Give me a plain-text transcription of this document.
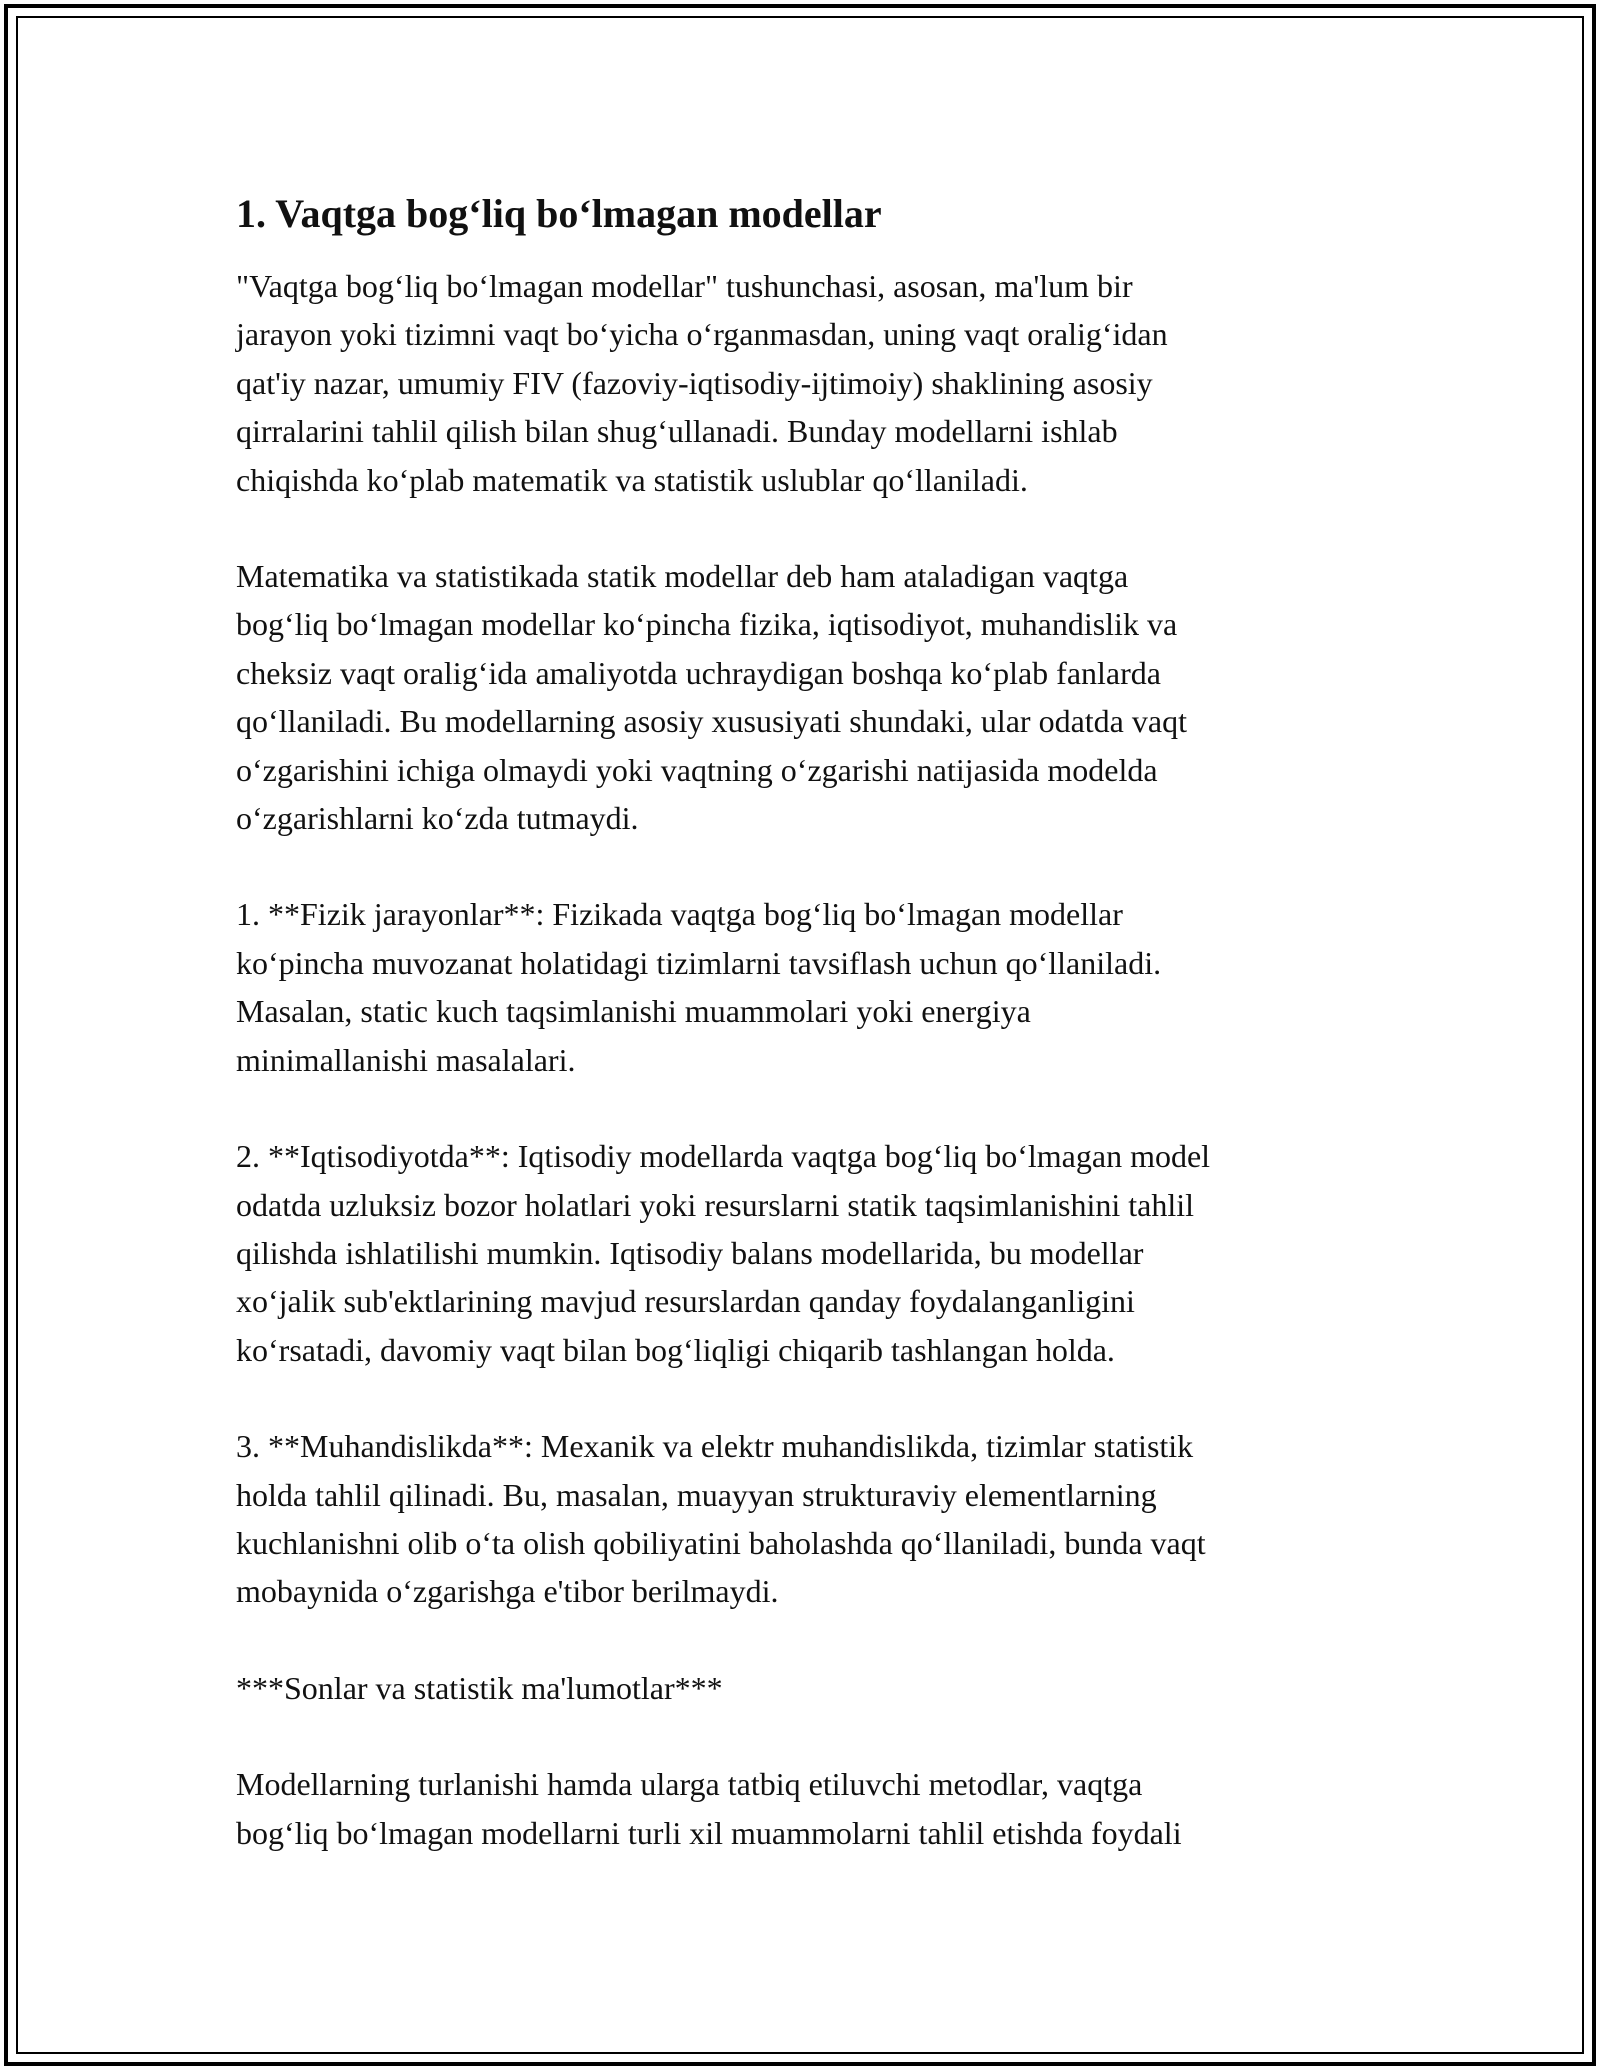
1. Vaqtga bog‘liq bo‘lmagan modellar

"Vaqtga bog‘liq bo‘lmagan modellar" tushunchasi, asosan, ma'lum bir
jarayon yoki tizimni vaqt bo‘yicha o‘rganmasdan, uning vaqt oralig‘idan
qat'iy nazar, umumiy FIV (fazoviy-iqtisodiy-ijtimoiy) shaklining asosiy
qirralarini tahlil qilish bilan shug‘ullanadi. Bunday modellarni ishlab
chiqishda ko‘plab matematik va statistik uslublar qo‘llaniladi.

Matematika va statistikada statik modellar deb ham ataladigan vaqtga
bog‘liq bo‘lmagan modellar ko‘pincha fizika, iqtisodiyot, muhandislik va
cheksiz vaqt oralig‘ida amaliyotda uchraydigan boshqa ko‘plab fanlarda
qo‘llaniladi. Bu modellarning asosiy xususiyati shundaki, ular odatda vaqt
o‘zgarishini ichiga olmaydi yoki vaqtning o‘zgarishi natijasida modelda
o‘zgarishlarni ko‘zda tutmaydi.

1. **Fizik jarayonlar**: Fizikada vaqtga bog‘liq bo‘lmagan modellar
ko‘pincha muvozanat holatidagi tizimlarni tavsiflash uchun qo‘llaniladi.
Masalan, static kuch taqsimlanishi muammolari yoki energiya
minimallanishi masalalari.

2. **Iqtisodiyotda**: Iqtisodiy modellarda vaqtga bog‘liq bo‘lmagan model
odatda uzluksiz bozor holatlari yoki resurslarni statik taqsimlanishini tahlil
qilishda ishlatilishi mumkin. Iqtisodiy balans modellarida, bu modellar
xo‘jalik sub'ektlarining mavjud resurslardan qanday foydalanganligini
ko‘rsatadi, davomiy vaqt bilan bog‘liqligi chiqarib tashlangan holda.

3. **Muhandislikda**: Mexanik va elektr muhandislikda, tizimlar statistik
holda tahlil qilinadi. Bu, masalan, muayyan strukturaviy elementlarning
kuchlanishni olib o‘ta olish qobiliyatini baholashda qo‘llaniladi, bunda vaqt
mobaynida o‘zgarishga e'tibor berilmaydi.

***Sonlar va statistik ma'lumotlar***

Modellarning turlanishi hamda ularga tatbiq etiluvchi metodlar, vaqtga
bog‘liq bo‘lmagan modellarni turli xil muammolarni tahlil etishda foydali
